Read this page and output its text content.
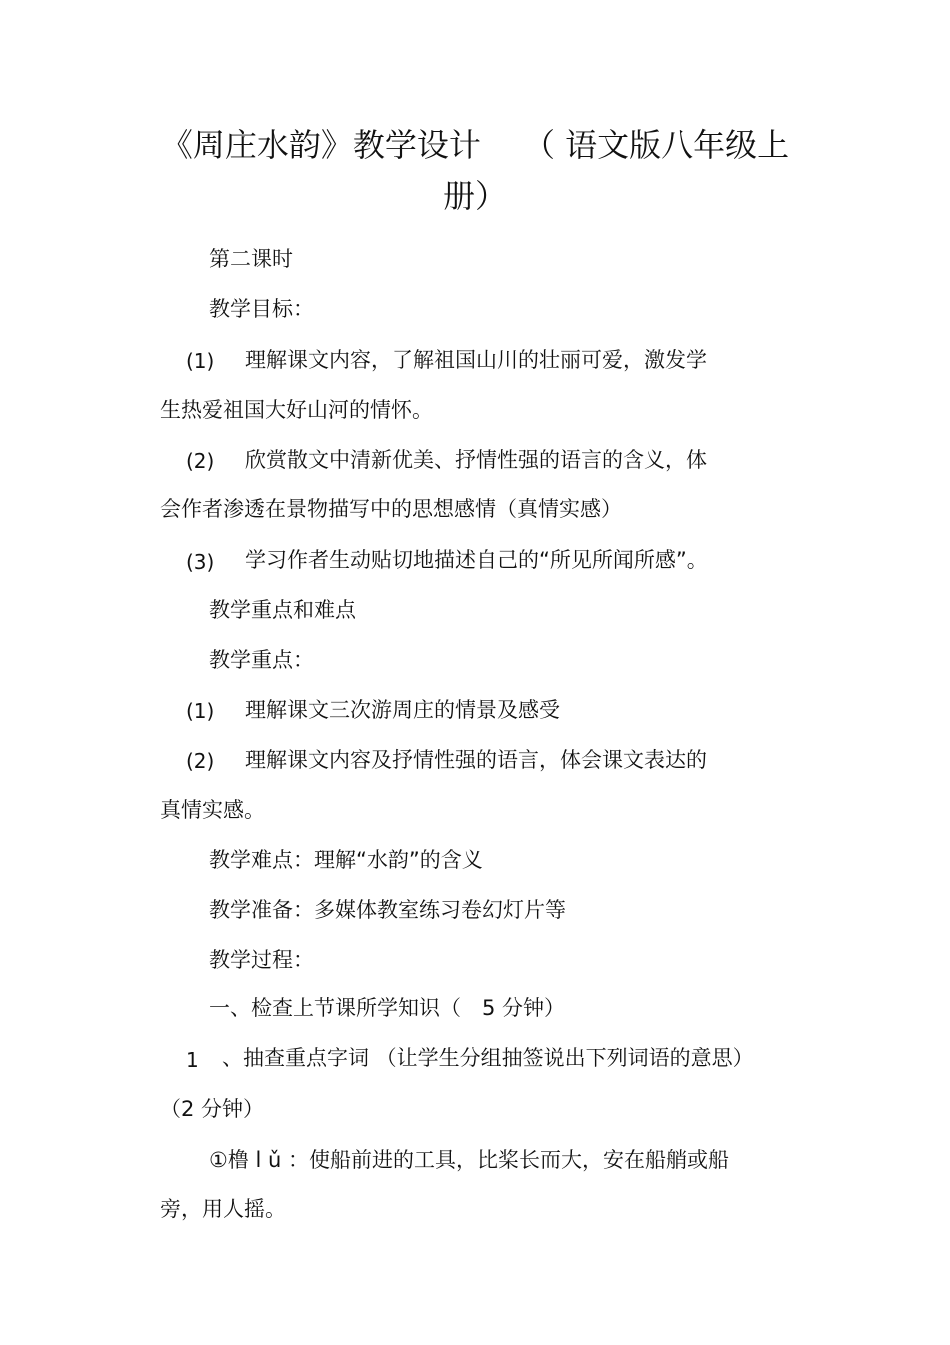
《周庄水韵》教学设计　 （ 语文版八年级上
册）
第二课时
教学目标：
(1) 理解课文内容，了解祖国山川的壮丽可爱，激发学
生热爱祖国大好山河的情怀。
(2) 欣赏散文中清新优美、抒情性强的语言的含义，体
会作者渗透在景物描写中的思想感情（真情实感）
(3) 学习作者生动贴切地描述自己的“所见所闻所感”。
教学重点和难点
教学重点：
(1) 理解课文三次游周庄的情景及感受
(2) 理解课文内容及抒情性强的语言，体会课文表达的
真情实感。
教学难点：理解“水韵”的含义
教学准备：多媒体教室练习卷幻灯片等
教学过程：
一、检查上节课所学知识（　5 分钟）
1 、抽查重点字词 （让学生分组抽签说出下列词语的意思）
（2 分钟）
①橹 l ǔ ：使船前进的工具，比桨长而大，安在船艄或船
旁，用人摇。
